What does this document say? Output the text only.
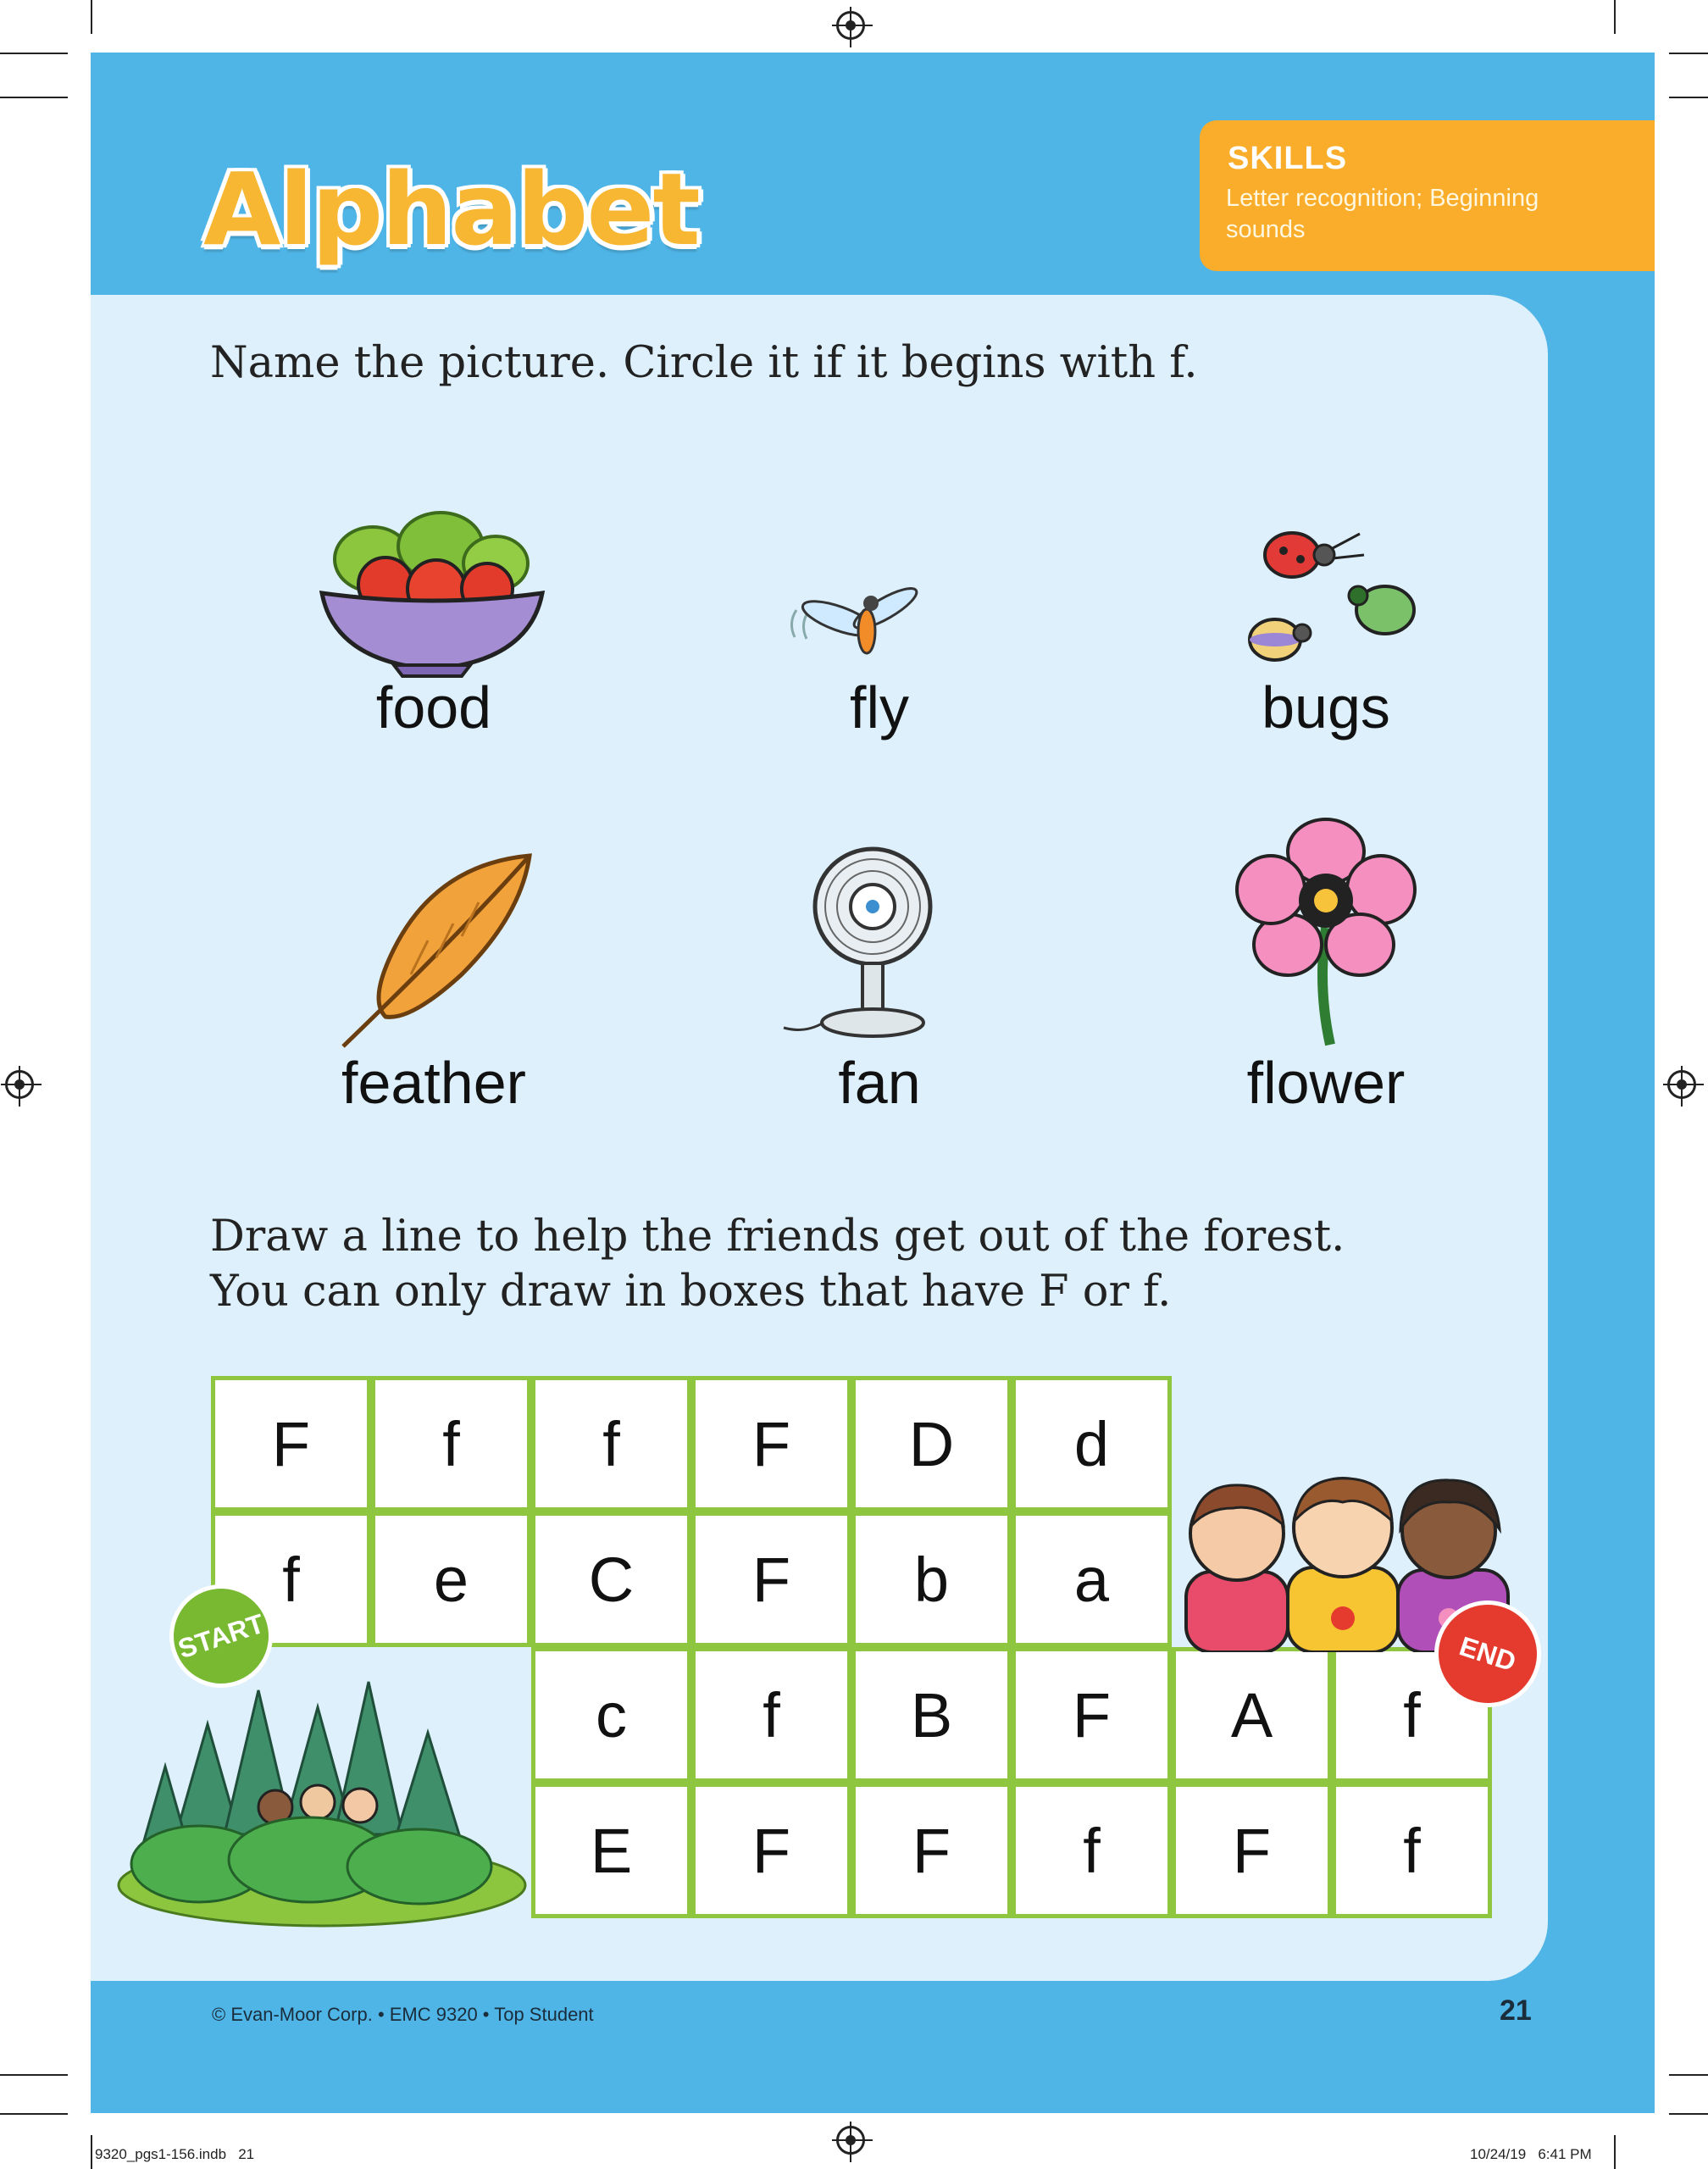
Alphabet	SKILLS
Letter recognition; Beginning sounds
Name the picture. Circle it if it begins with f.
food	fly	bugs
feather	fan	flower
Draw a line to help the friends get out of the forest.
You can only draw in boxes that have F or f.
F	f	f	F	D	d
f	e	C	F	b	a
c	f	B	F	A	f
E	F	F	f	F	f
START	END
© Evan-Moor Corp. • EMC 9320 • Top Student	21
9320_pgs1-156.indb   21	10/24/19   6:41 PM
